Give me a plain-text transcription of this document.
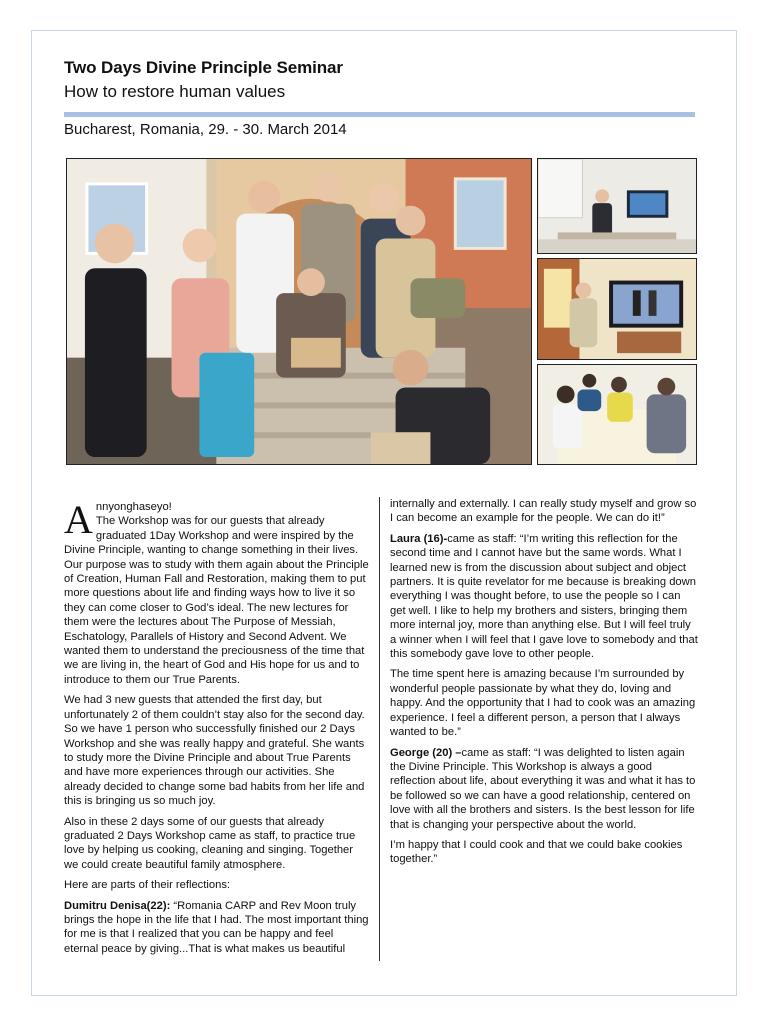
Two Days Divine Principle Seminar
How to restore human values
Bucharest, Romania, 29. - 30. March 2014

Annyonghaseyo!
The Workshop was for our guests that already graduated 1Day Workshop and were inspired by the Divine Principle, wanting to change something in their lives. Our purpose was to study with them again about the Principle of Creation, Human Fall and Restoration, making them to put more questions about life and finding ways how to live it so they can come closer to God’s ideal. The new lectures for them were the lectures about The Purpose of Messiah, Eschatology, Parallels of History and Second Advent. We wanted them to understand the preciousness of the time that we are living in, the heart of God and His hope for us and to introduce to them our True Parents.

We had 3 new guests that attended the first day, but unfortunately 2 of them couldn’t stay also for the second day. So we have 1 person who successfully finished our 2 Days Workshop and she was really happy and grateful. She wants to study more the Divine Principle and about True Parents and have more experiences through our activities. She already decided to change some bad habits from her life and this is bringing us so much joy.

Also in these 2 days some of our guests that already graduated 2 Days Workshop came as staff, to practice true love by helping us cooking, cleaning and singing. Together we could create beautiful family atmosphere.

Here are parts of their reflections:

Dumitru Denisa(22): “Romania CARP and Rev Moon truly brings the hope in the life that I had. The most important thing for me is that I realized that you can be happy and feel eternal peace by giving...That is what makes us beautiful

internally and externally. I can really study myself and grow so I can become an example for the people. We can do it!”

Laura (16)-came as staff: “I’m writing this reflection for the second time and I cannot have but the same words. What I learned new is from the discussion about subject and object partners. It is quite revelator for me because is breaking down everything I was thought before, to use the people so I can get well. I like to help my brothers and sisters, bringing them more internal joy, more than anything else. But I will feel truly a winner when I will feel that I gave love to somebody and that this somebody gave love to other people.

The time spent here is amazing because I’m surrounded by wonderful people passionate by what they do, loving and happy. And the opportunity that I had to cook was an amazing experience. I feel a different person, a person that I always wanted to be.”

George (20) –came as staff: “I was delighted to listen again the Divine Principle. This Workshop is always a good reflection about life, about everything it was and what it has to be followed so we can have a good relationship, centered on love with all the brothers and sisters. Is the best lesson for life that is changing your perspective about the world.

I’m happy that I could cook and that we could bake cookies together.”
